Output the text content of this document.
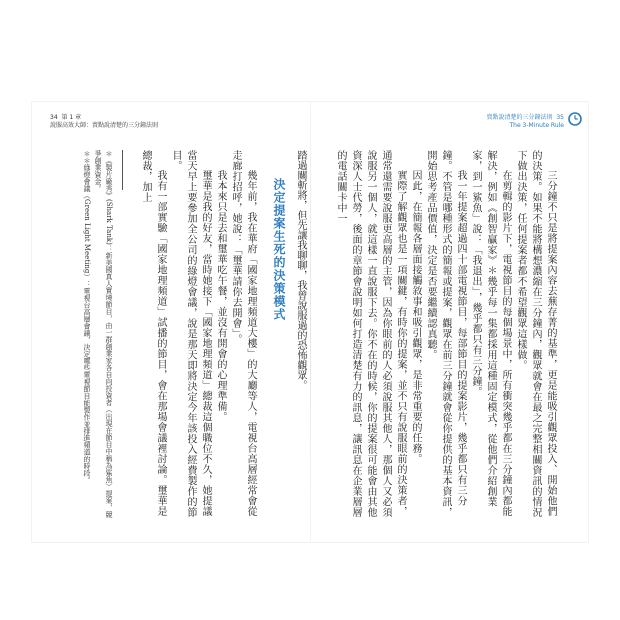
34 第 1 章
說服高效大師：賣點說清楚的三分鐘法則
賣點說清楚的三分鐘法則 35
The 3-Minute Rule

三分鐘不只是將提案內容去蕪存菁的基準，更是能吸引觀眾投入、開始他們的決策。如果不能將構想濃縮在三分鐘內，觀眾就會在最之完整相關資訊的情況下做出決策，任何提案者都不希望觀眾這樣做。

在剪輯的影片下，電視節目的每個場景中，所有衝突幾乎都在三分鐘內都能解決，例如《創智贏家》＊幾乎每一集都採用這種固定模式，從他們介紹創業家，到一鯊魚」說：「我退出」，幾乎都只有三分鐘。

我一年提案超過四十部電視節目，每部節目的提案影片，幾乎都只有三分鐘。不管是哪種形式的簡報或提案，觀眾在前三分鐘就會從你提供的基本資訊，開始思考產品價值，決定是否要繼續認真聽。

因此，在簡報各層面接觸敘事和吸引觀眾，是非常重要的任務。

實際了解觀眾也是一項關鍵，有時你的提案，並不只有說服眼前的決策者，通常還需要說服更高層的主管，因為你眼前的人必須說服其他人，那個人又必須說服另一個人，就這樣一直說服下去。你不在的時候，你的提案很可能會由其他資深人士代勞，後面的章節會說明如何打造清楚有力的訊息，讓訊息在企業層層的電話關卡中一

踏過關斬將，但先讓我聊聊，我曾說服過的恐怖觀眾。

決定提案生死的決策模式

幾年前，我在華府「國家地理頻道大樓」的大廳等人，電視台高層經常會從走廊打招呼，她說：「璽華請你去開會」。

我本來只是去和璽華吃午餐，並沒有開會的心理準備。

璽華是我的好友，當時她接下「國家地理頻道」總裁這個職位不久，她提議當天早上要參加全公司的綠燈會議，說是那天即將決定今年該投入經費製作的節目。

我有一部實驗「國家地理頻道」試播的節目，會在那場會議裡討論。璽華是總裁，加上

＊《製片廠秀》(Shark Tank)：新美國真人實境節目，由一群創業家各自向投資者（出現在節目中稱為鯊魚）提案，競爭創業資金。

＊＊綠燈會議（Green Light Meeting）：電視台高層會議，決定哪些電視節目能製作並排進頻道的時段。
